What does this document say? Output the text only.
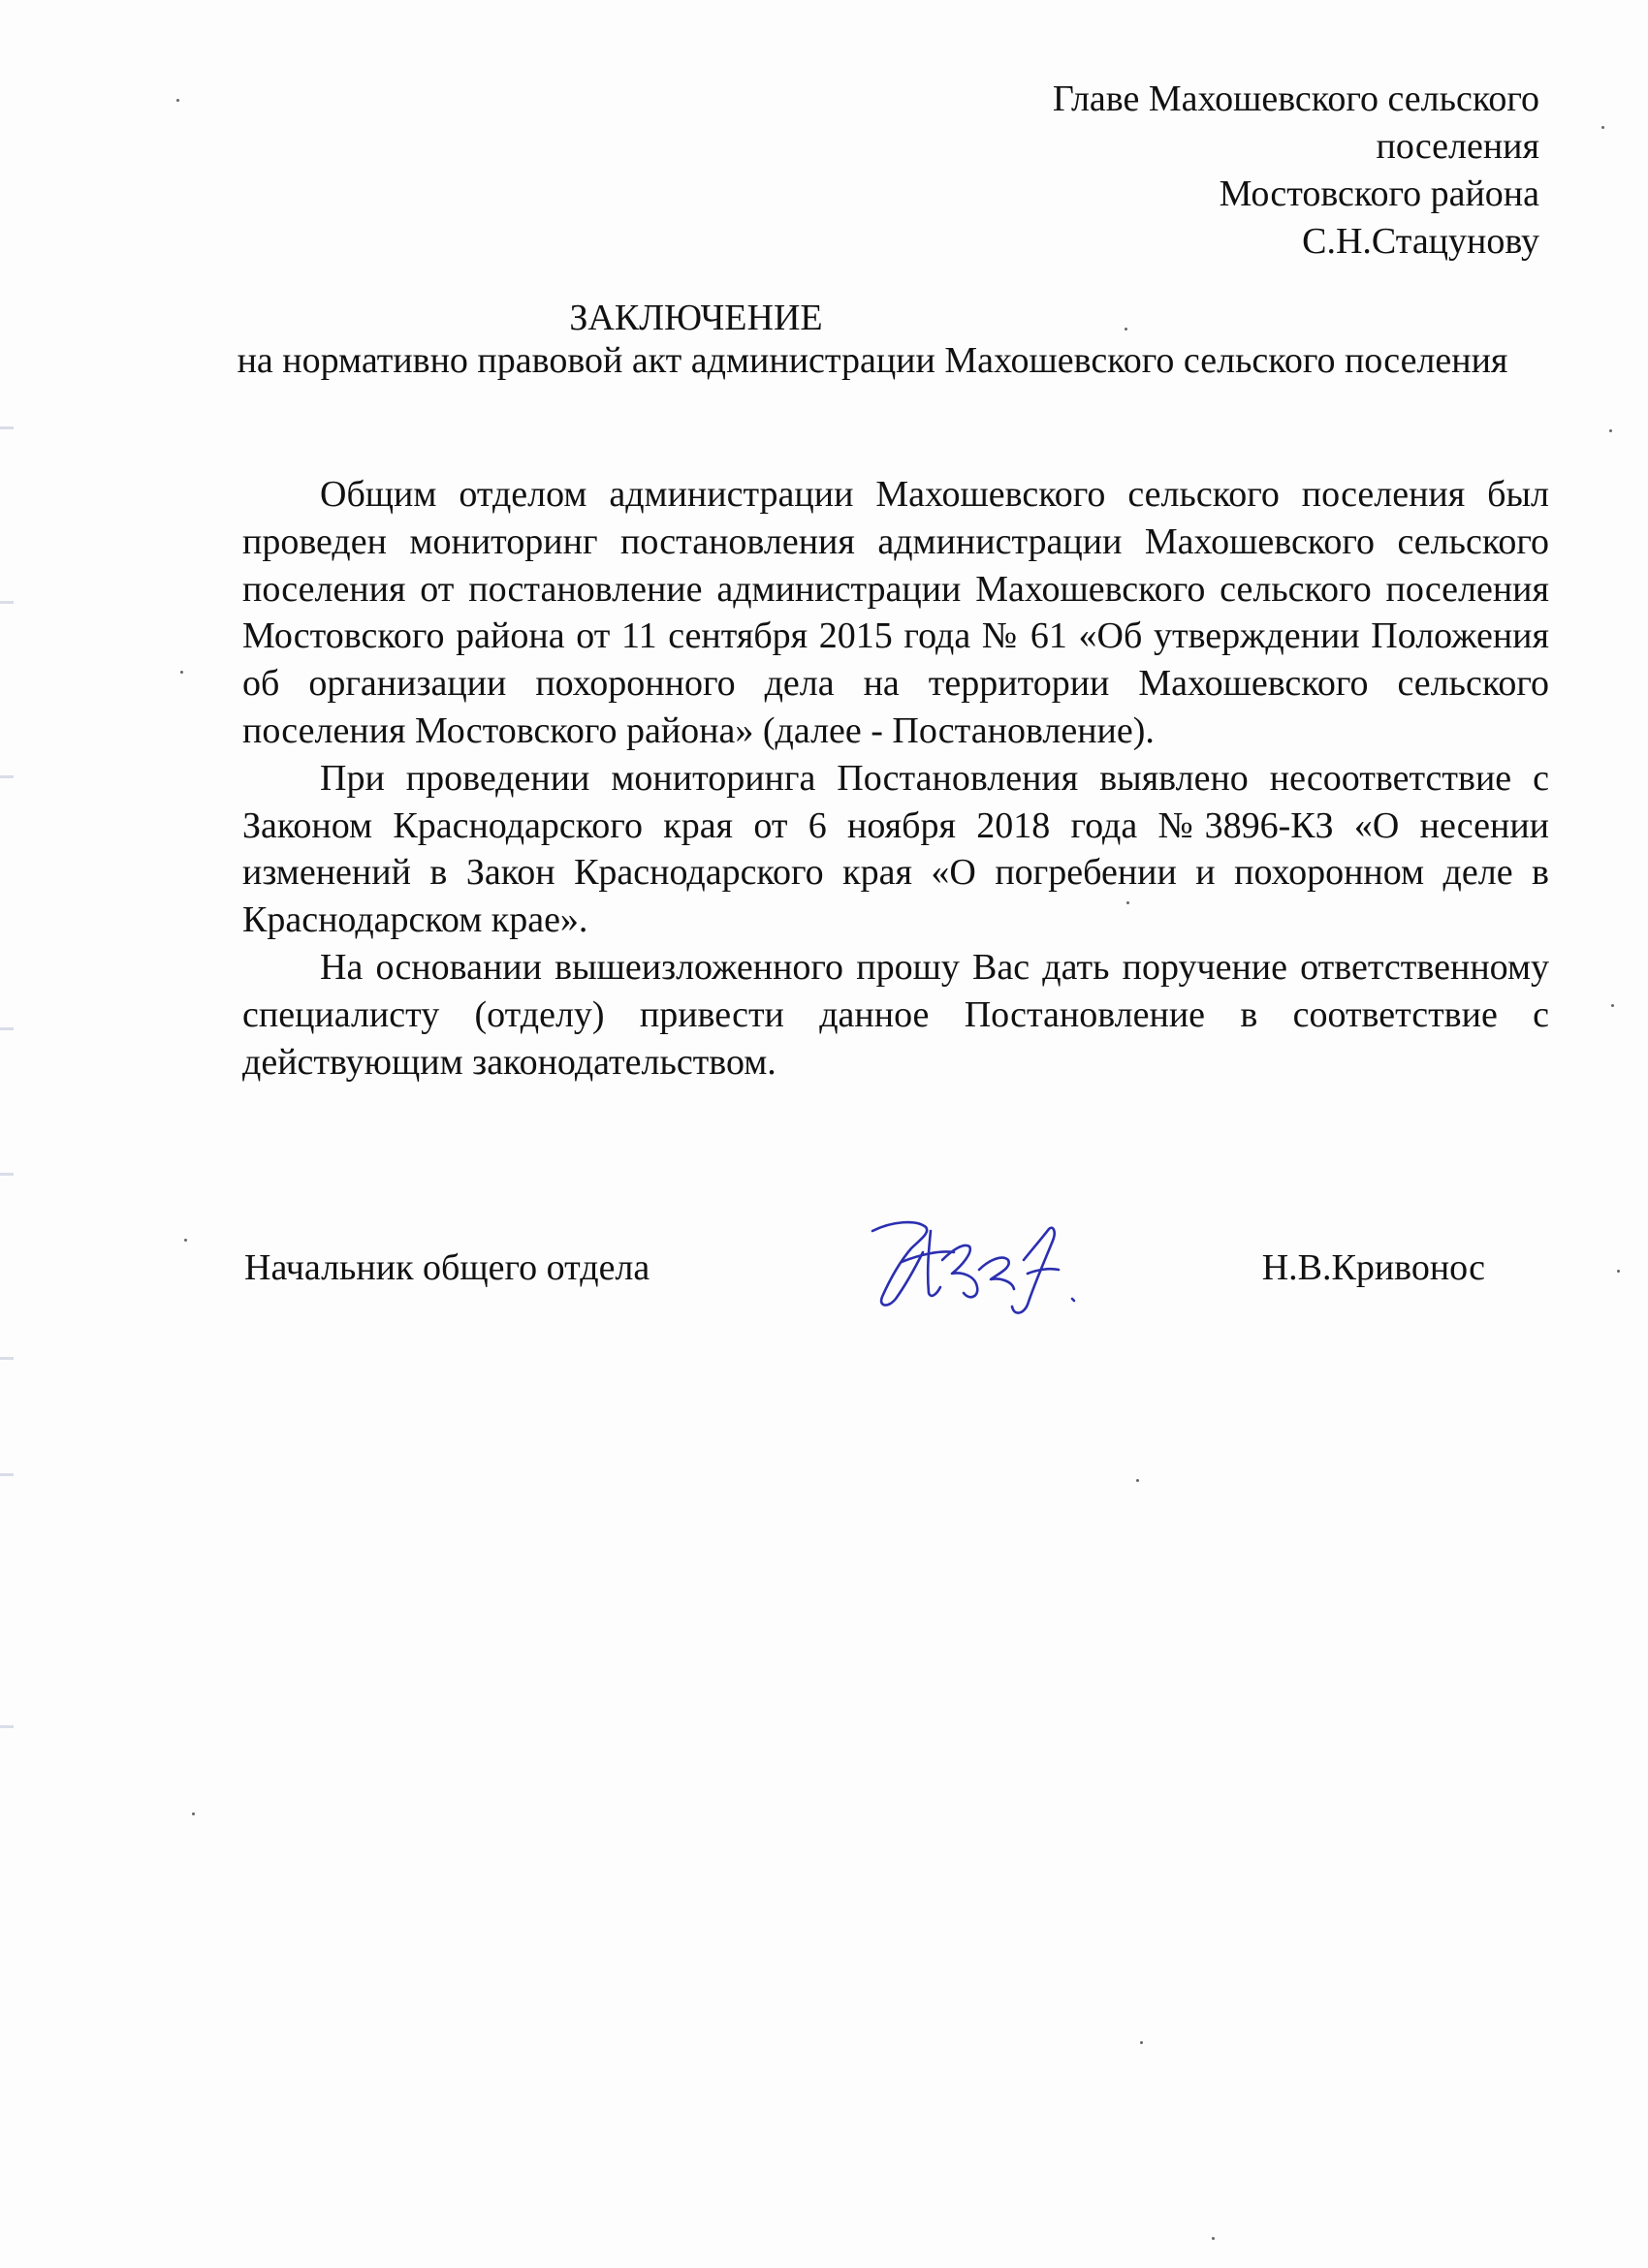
Главе Махошевского сельского
поселения
Мостовского района
С.Н.Стацунову
ЗАКЛЮЧЕНИЕ
на нормативно правовой акт администрации Махошевского сельского поселения

Общим отделом администрации Махошевского сельского поселения был проведен мониторинг постановления администрации Махошевского сельского поселения от постановление администрации Махошевского сельского поселения Мостовского района от 11 сентября 2015 года № 61 «Об утверждении Положения об организации похоронного дела на территории Махошевского сельского поселения Мостовского района» (далее - Постановление).

При проведении мониторинга Постановления выявлено несоответствие с Законом Краснодарского края от 6 ноября 2018 года №3896-КЗ «О несении изменений в Закон Краснодарского края «О погребении и похоронном деле в Краснодарском крае».

На основании вышеизложенного прошу Вас дать поручение ответственному специалисту (отделу) привести данное Постановление в соответствие с действующим законодательством.

Начальник общего отдела	Н.В.Кривонос
